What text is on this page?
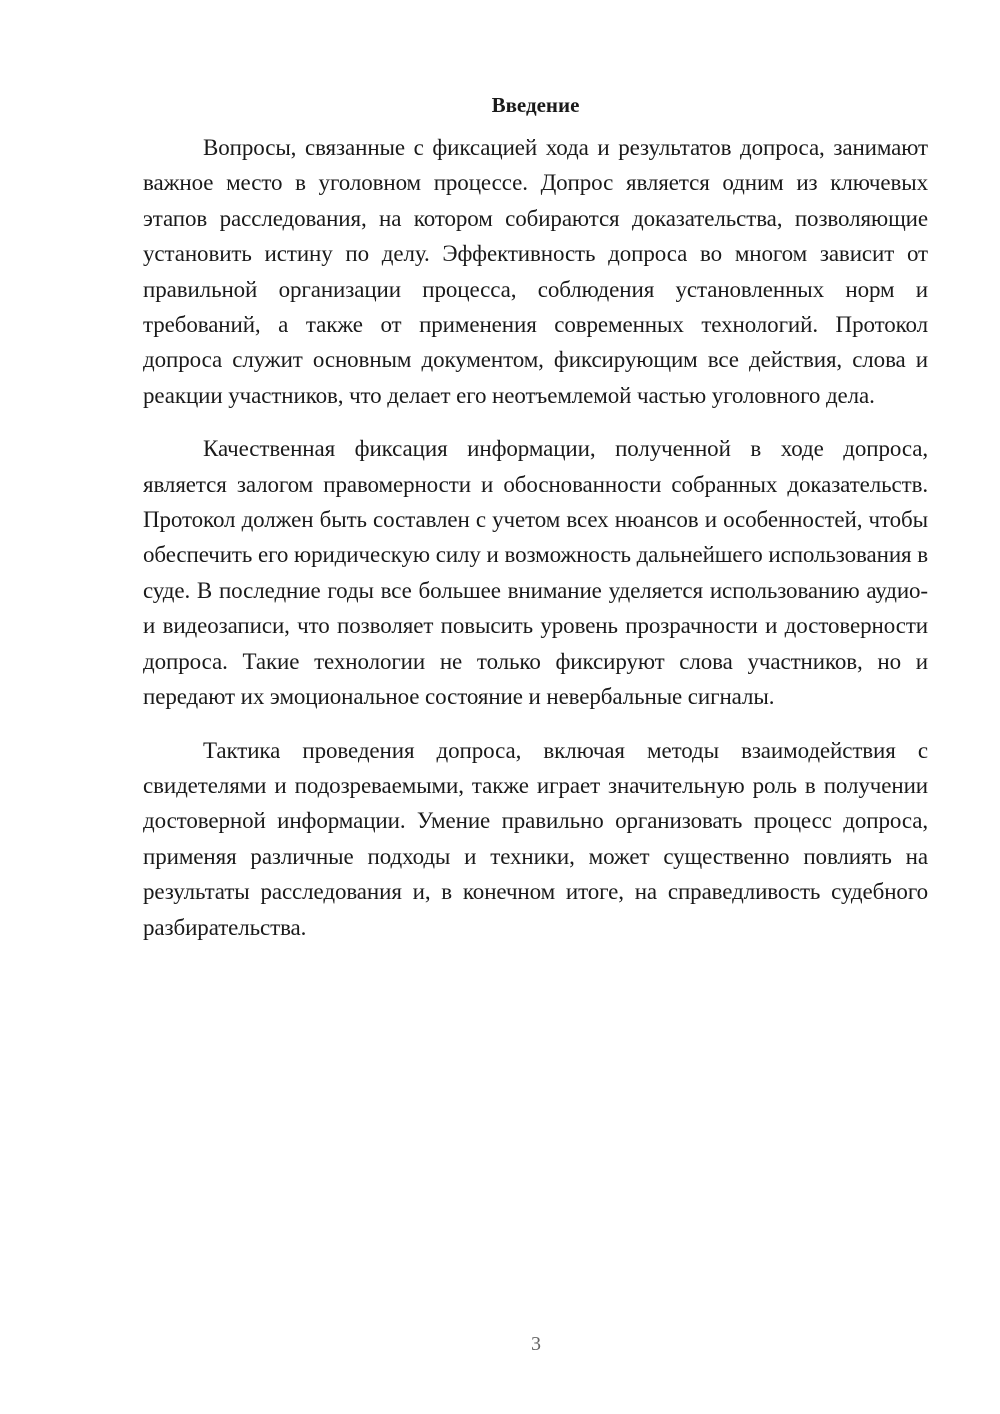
Введение

Вопросы, связанные с фиксацией хода и результатов допроса, занимают важное место в уголовном процессе. Допрос является одним из ключевых этапов расследования, на котором собираются доказательства, позволяющие установить истину по делу. Эффективность допроса во многом зависит от правильной организации процесса, соблюдения установленных норм и требований, а также от применения современных технологий. Протокол допроса служит основным документом, фиксирующим все действия, слова и реакции участников, что делает его неотъемлемой частью уголовного дела.

Качественная фиксация информации, полученной в ходе допроса, является залогом правомерности и обоснованности собранных доказательств. Протокол должен быть составлен с учетом всех нюансов и особенностей, чтобы обеспечить его юридическую силу и возможность дальнейшего использования в суде. В последние годы все большее внимание уделяется использованию аудио- и видеозаписи, что позволяет повысить уровень прозрачности и достоверности допроса. Такие технологии не только фиксируют слова участников, но и передают их эмоциональное состояние и невербальные сигналы.

Тактика проведения допроса, включая методы взаимодействия с свидетелями и подозреваемыми, также играет значительную роль в получении достоверной информации. Умение правильно организовать процесс допроса, применяя различные подходы и техники, может существенно повлиять на результаты расследования и, в конечном итоге, на справедливость судебного разбирательства.

3
